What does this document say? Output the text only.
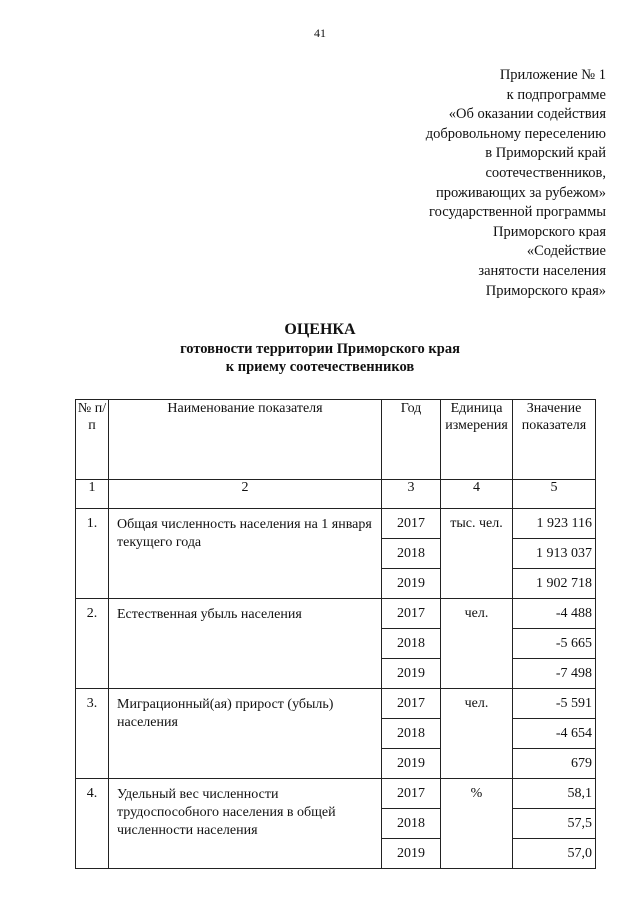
41
Приложение № 1
к подпрограмме
«Об оказании содействия
добровольному переселению
в Приморский край
соотечественников,
проживающих за рубежом»
государственной программы
Приморского края
«Содействие
занятости населения
Приморского края»
ОЦЕНКА
готовности территории Приморского края
к приему соотечественников
№ п/п	Наименование показателя	Год	Единица измерения	Значение показателя
1	2	3	4	5
1.	Общая численность населения на 1 января текущего года	2017	тыс. чел.	1 923 116
		2018		1 913 037
		2019		1 902 718
2.	Естественная убыль населения	2017	чел.	-4 488
		2018		-5 665
		2019		-7 498
3.	Миграционный(ая) прирост (убыль) населения	2017	чел.	-5 591
		2018		-4 654
		2019		679
4.	Удельный вес численности трудоспособного населения в общей численности населения	2017	%	58,1
		2018		57,5
		2019		57,0
